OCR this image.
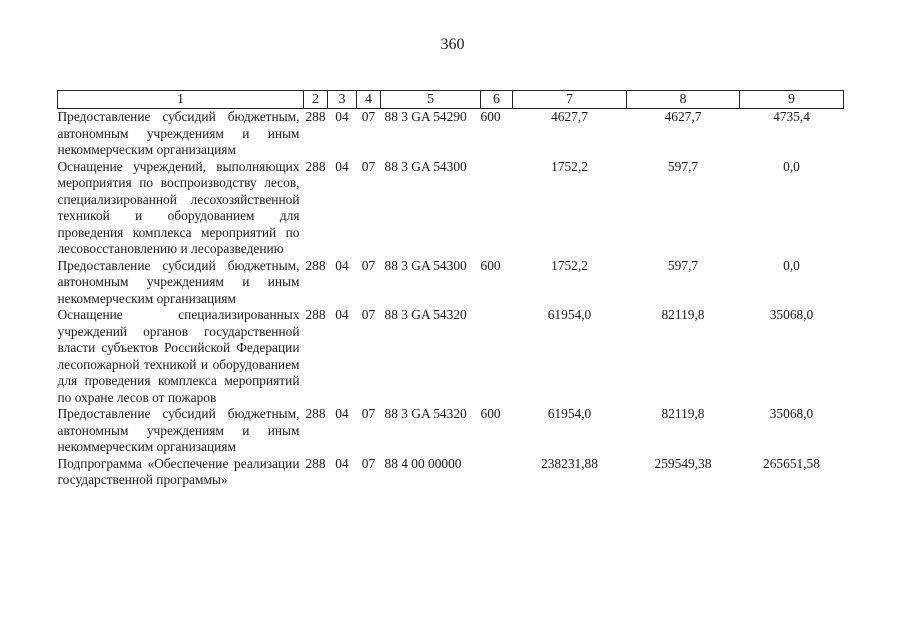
360
1	2	3	4	5	6	7	8	9
Предоставление субсидий бюджетным, автономным учреждениям и иным некоммерческим организациям	288	04	07	88 3 GA 54290	600	4627,7	4627,7	4735,4
Оснащение учреждений, выполняющих мероприятия по воспроизводству лесов, специализированной лесохозяйственной техникой и оборудованием для проведения комплекса мероприятий по лесовосстановлению и лесоразведению	288	04	07	88 3 GA 54300		1752,2	597,7	0,0
Предоставление субсидий бюджетным, автономным учреждениям и иным некоммерческим организациям	288	04	07	88 3 GA 54300	600	1752,2	597,7	0,0
Оснащение специализированных учреждений органов государственной власти субъектов Российской Федерации лесопожарной техникой и оборудованием для проведения комплекса мероприятий по охране лесов от пожаров	288	04	07	88 3 GA 54320		61954,0	82119,8	35068,0
Предоставление субсидий бюджетным, автономным учреждениям и иным некоммерческим организациям	288	04	07	88 3 GA 54320	600	61954,0	82119,8	35068,0
Подпрограмма «Обеспечение реализации государственной программы»	288	04	07	88 4 00 00000		238231,88	259549,38	265651,58
